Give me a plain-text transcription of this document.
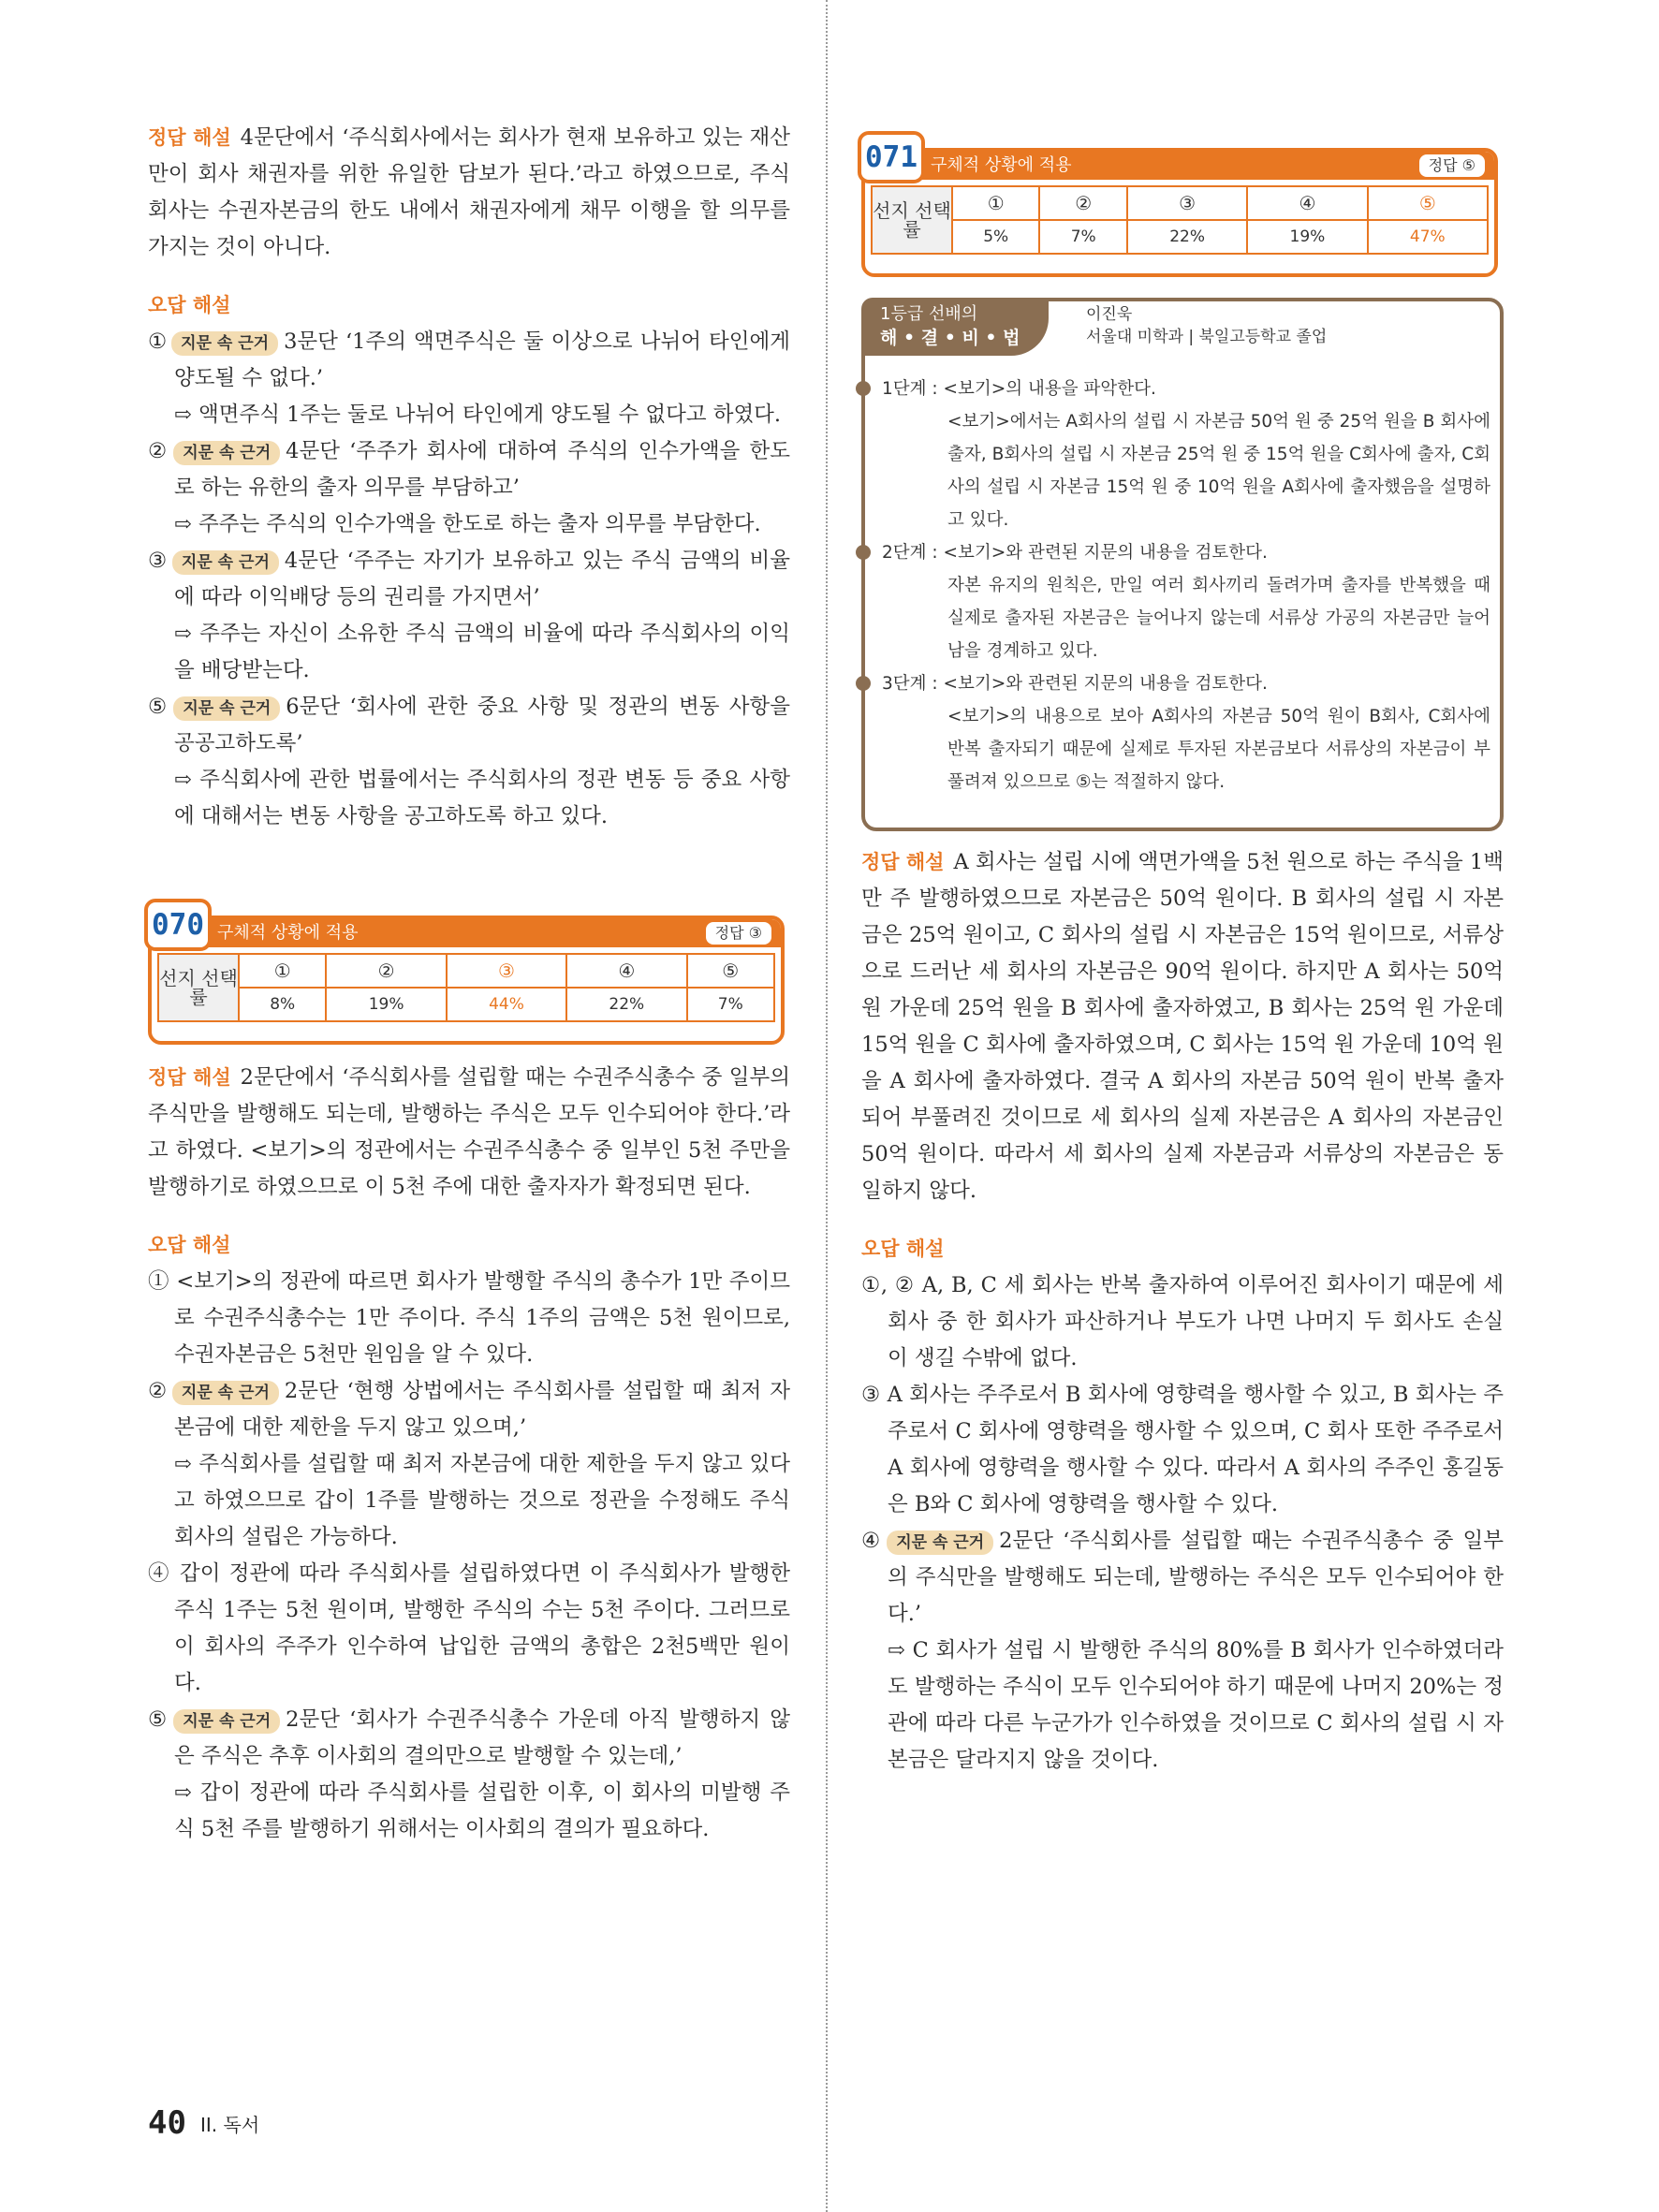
정답 해설 4문단에서 ‘주식회사에서는 회사가 현재 보유하고 있는 재산만이 회사 채권자를 위한 유일한 담보가 된다.’라고 하였으므로, 주식회사는 수권자본금의 한도 내에서 채권자에게 채무 이행을 할 의무를 가지는 것이 아니다.

오답 해설
① 지문 속 근거 3문단 ‘1주의 액면주식은 둘 이상으로 나뉘어 타인에게 양도될 수 없다.’
⇨ 액면주식 1주는 둘로 나뉘어 타인에게 양도될 수 없다고 하였다.
② 지문 속 근거 4문단 ‘주주가 회사에 대하여 주식의 인수가액을 한도로 하는 유한의 출자 의무를 부담하고’
⇨ 주주는 주식의 인수가액을 한도로 하는 출자 의무를 부담한다.
③ 지문 속 근거 4문단 ‘주주는 자기가 보유하고 있는 주식 금액의 비율에 따라 이익배당 등의 권리를 가지면서’
⇨ 주주는 자신이 소유한 주식 금액의 비율에 따라 주식회사의 이익을 배당받는다.
⑤ 지문 속 근거 6문단 ‘회사에 관한 중요 사항 및 정관의 변동 사항을 공공고하도록’
⇨ 주식회사에 관한 법률에서는 주식회사의 정관 변동 등 중요 사항에 대해서는 변동 사항을 공고하도록 하고 있다.
구체적 상황에 적용
070	정답 ③
선지 선택률	①	②	③	④	⑤
	8%	19%	44%	22%	7%

정답 해설 2문단에서 ‘주식회사를 설립할 때는 수권주식총수 중 일부의 주식만을 발행해도 되는데, 발행하는 주식은 모두 인수되어야 한다.’라고 하였다. <보기>의 정관에서는 수권주식총수 중 일부인 5천 주만을 발행하기로 하였으므로 이 5천 주에 대한 출자자가 확정되면 된다.

오답 해설
① <보기>의 정관에 따르면 회사가 발행할 주식의 총수가 1만 주이므로 수권주식총수는 1만 주이다. 주식 1주의 금액은 5천 원이므로, 수권자본금은 5천만 원임을 알 수 있다.
② 지문 속 근거 2문단 ‘현행 상법에서는 주식회사를 설립할 때 최저 자본금에 대한 제한을 두지 않고 있으며,’
⇨ 주식회사를 설립할 때 최저 자본금에 대한 제한을 두지 않고 있다고 하였으므로 갑이 1주를 발행하는 것으로 정관을 수정해도 주식회사의 설립은 가능하다.
④ 갑이 정관에 따라 주식회사를 설립하였다면 이 주식회사가 발행한 주식 1주는 5천 원이며, 발행한 주식의 수는 5천 주이다. 그러므로 이 회사의 주주가 인수하여 납입한 금액의 총합은 2천5백만 원이다.
⑤ 지문 속 근거 2문단 ‘회사가 수권주식총수 가운데 아직 발행하지 않은 주식은 추후 이사회의 결의만으로 발행할 수 있는데,’
⇨ 갑이 정관에 따라 주식회사를 설립한 이후, 이 회사의 미발행 주식 5천 주를 발행하기 위해서는 이사회의 결의가 필요하다.
구체적 상황에 적용
071	정답 ⑤
선지 선택률	①	②	③	④	⑤
	5%	7%	22%	19%	47%
1등급 선배의
해 • 결 • 비 • 법
이진욱
서울대 미학과 | 북일고등학교 졸업
1단계 : <보기>의 내용을 파악한다.
<보기>에서는 A회사의 설립 시 자본금 50억 원 중 25억 원을 B 회사에 출자, B회사의 설립 시 자본금 25억 원 중 15억 원을 C회사에 출자, C회사의 설립 시 자본금 15억 원 중 10억 원을 A회사에 출자했음을 설명하고 있다.
2단계 : <보기>와 관련된 지문의 내용을 검토한다.
자본 유지의 원칙은, 만일 여러 회사끼리 돌려가며 출자를 반복했을 때 실제로 출자된 자본금은 늘어나지 않는데 서류상 가공의 자본금만 늘어남을 경계하고 있다.
3단계 : <보기>와 관련된 지문의 내용을 검토한다.
<보기>의 내용으로 보아 A회사의 자본금 50억 원이 B회사, C회사에 반복 출자되기 때문에 실제로 투자된 자본금보다 서류상의 자본금이 부풀려져 있으므로 ⑤는 적절하지 않다.

정답 해설 A 회사는 설립 시에 액면가액을 5천 원으로 하는 주식을 1백만 주 발행하였으므로 자본금은 50억 원이다. B 회사의 설립 시 자본금은 25억 원이고, C 회사의 설립 시 자본금은 15억 원이므로, 서류상으로 드러난 세 회사의 자본금은 90억 원이다. 하지만 A 회사는 50억 원 가운데 25억 원을 B 회사에 출자하였고, B 회사는 25억 원 가운데 15억 원을 C 회사에 출자하였으며, C 회사는 15억 원 가운데 10억 원을 A 회사에 출자하였다. 결국 A 회사의 자본금 50억 원이 반복 출자되어 부풀려진 것이므로 세 회사의 실제 자본금은 A 회사의 자본금인 50억 원이다. 따라서 세 회사의 실제 자본금과 서류상의 자본금은 동일하지 않다.

오답 해설
①, ② A, B, C 세 회사는 반복 출자하여 이루어진 회사이기 때문에 세 회사 중 한 회사가 파산하거나 부도가 나면 나머지 두 회사도 손실이 생길 수밖에 없다.
③ A 회사는 주주로서 B 회사에 영향력을 행사할 수 있고, B 회사는 주주로서 C 회사에 영향력을 행사할 수 있으며, C 회사 또한 주주로서 A 회사에 영향력을 행사할 수 있다. 따라서 A 회사의 주주인 홍길동은 B와 C 회사에 영향력을 행사할 수 있다.
④ 지문 속 근거 2문단 ‘주식회사를 설립할 때는 수권주식총수 중 일부의 주식만을 발행해도 되는데, 발행하는 주식은 모두 인수되어야 한다.’
⇨ C 회사가 설립 시 발행한 주식의 80%를 B 회사가 인수하였더라도 발행하는 주식이 모두 인수되어야 하기 때문에 나머지 20%는 정관에 따라 다른 누군가가 인수하였을 것이므로 C 회사의 설립 시 자본금은 달라지지 않을 것이다.
40 II. 독서
